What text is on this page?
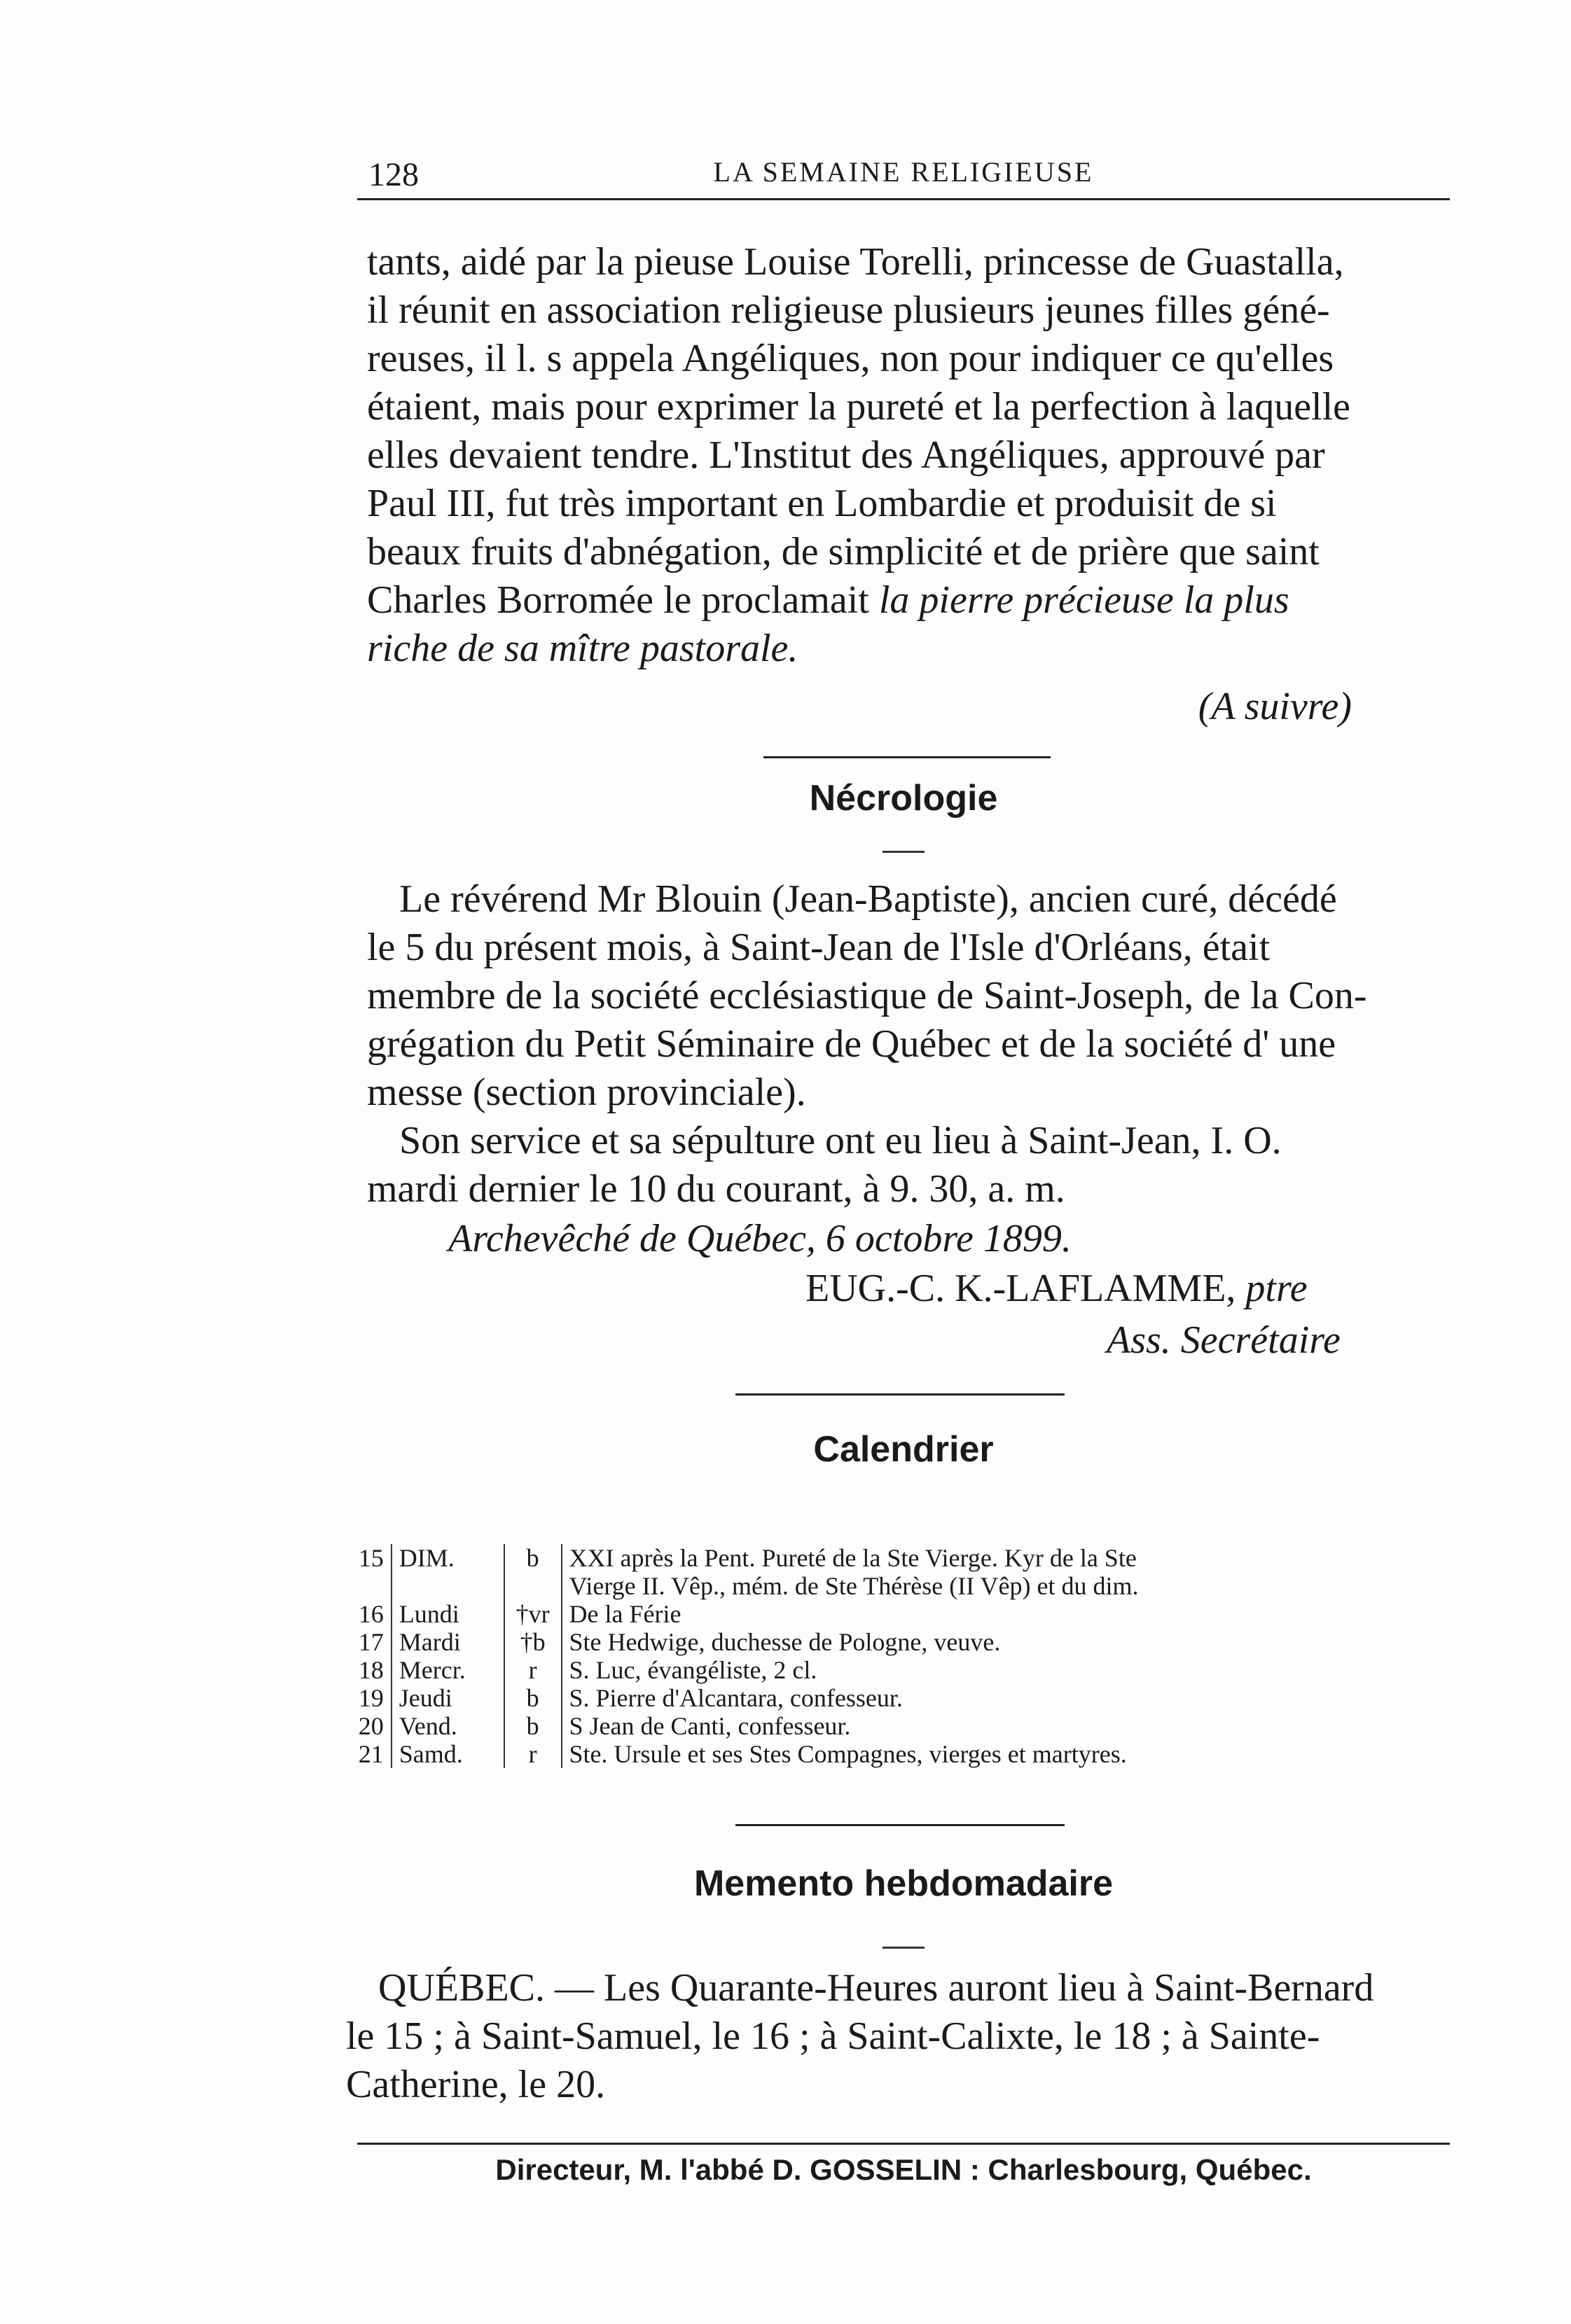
128	LA SEMAINE RELIGIEUSE
tants, aidé par la pieuse Louise Torelli, princesse de Guastalla,
il réunit en association religieuse plusieurs jeunes filles géné-
reuses, il l. s appela Angéliques, non pour indiquer ce qu'elles
étaient, mais pour exprimer la pureté et la perfection à laquelle
elles devaient tendre. L'Institut des Angéliques, approuvé par
Paul III, fut très important en Lombardie et produisit de si
beaux fruits d'abnégation, de simplicité et de prière que saint
Charles Borromée le proclamait la pierre précieuse la plus
riche de sa mître pastorale.
(A suivre)
Nécrologie
Le révérend Mr Blouin (Jean-Baptiste), ancien curé, décédé
le 5 du présent mois, à Saint-Jean de l'Isle d'Orléans, était
membre de la société ecclésiastique de Saint-Joseph, de la Con-
grégation du Petit Séminaire de Québec et de la société d' une
messe (section provinciale).
Son service et sa sépulture ont eu lieu à Saint-Jean, I. O.
mardi dernier le 10 du courant, à 9. 30, a. m.
Archevêché de Québec, 6 octobre 1899.
EUG.-C. K.-LAFLAMME, ptre
Ass. Secrétaire
Calendrier
15	DIM.	b	XXI après la Pent. Pureté de la Ste Vierge. Kyr de la Ste
			Vierge II. Vêp., mém. de Ste Thérèse (II Vêp) et du dim.
16	Lundi	†vr	De la Férie
17	Mardi	†b	Ste Hedwige, duchesse de Pologne, veuve.
18	Mercr.	r	S. Luc, évangéliste, 2 cl.
19	Jeudi	b	S. Pierre d'Alcantara, confesseur.
20	Vend.	b	S Jean de Canti, confesseur.
21	Samd.	r	Ste. Ursule et ses Stes Compagnes, vierges et martyres.
Memento hebdomadaire
QUÉBEC. — Les Quarante-Heures auront lieu à Saint-Bernard
le 15 ; à Saint-Samuel, le 16 ; à Saint-Calixte, le 18 ; à Sainte-
Catherine, le 20.
Directeur, M. l'abbé D. GOSSELIN : Charlesbourg, Québec.
